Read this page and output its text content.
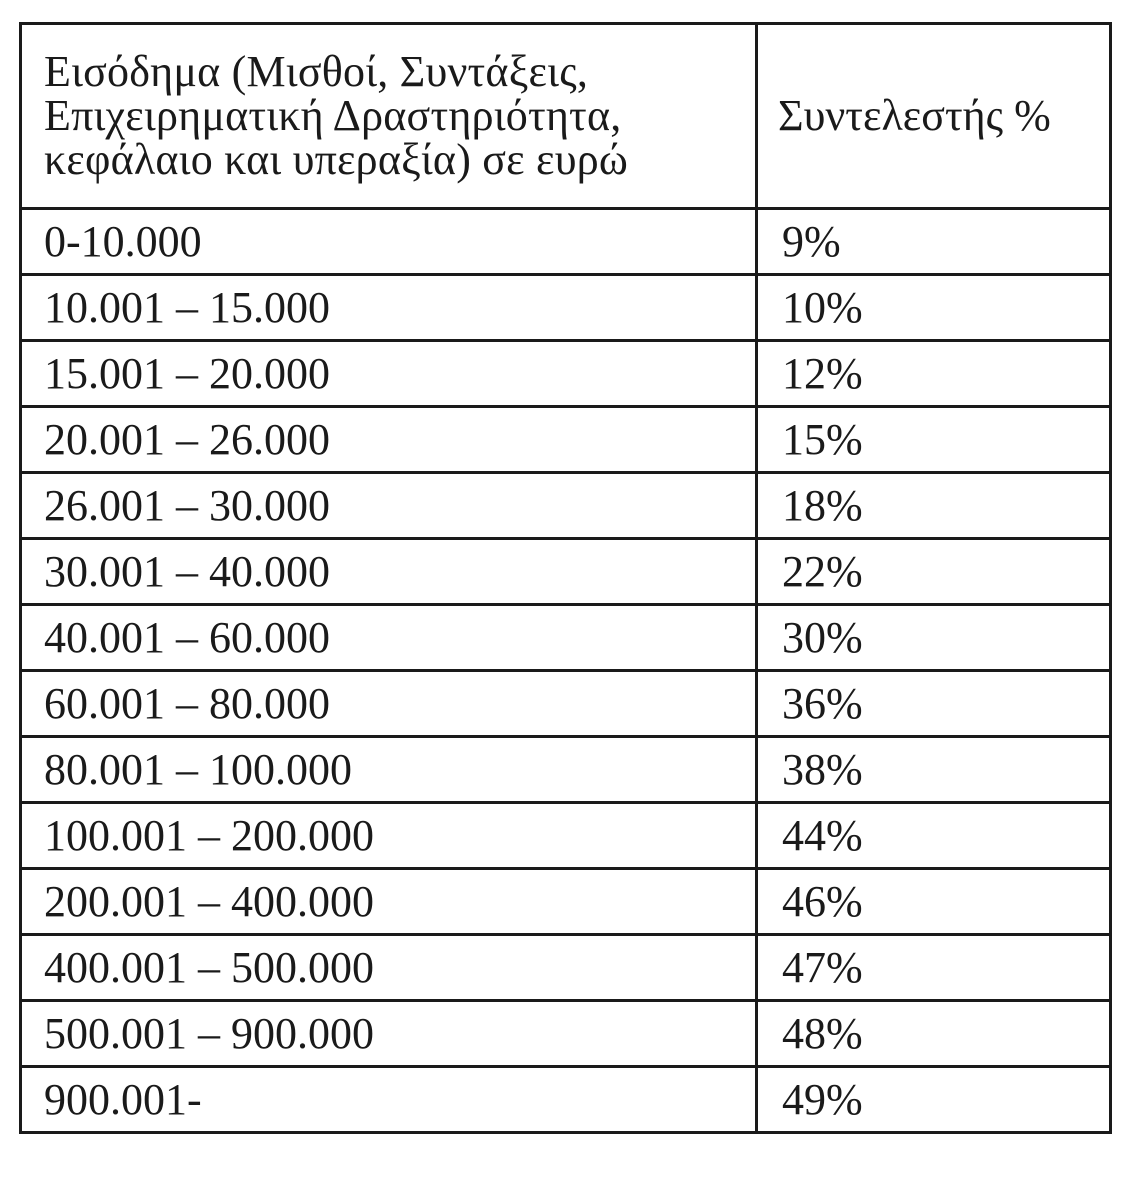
Εισόδημα (Μισθοί, Συντάξεις, Επιχειρηματική Δραστηριότητα, κεφάλαιο και υπεραξία) σε ευρώ	Συντελεστής %
0-10.000	9%
10.001 – 15.000	10%
15.001 – 20.000	12%
20.001 – 26.000	15%
26.001 – 30.000	18%
30.001 – 40.000	22%
40.001 – 60.000	30%
60.001 – 80.000	36%
80.001 – 100.000	38%
100.001 – 200.000	44%
200.001 – 400.000	46%
400.001 – 500.000	47%
500.001 – 900.000	48%
900.001-	49%
